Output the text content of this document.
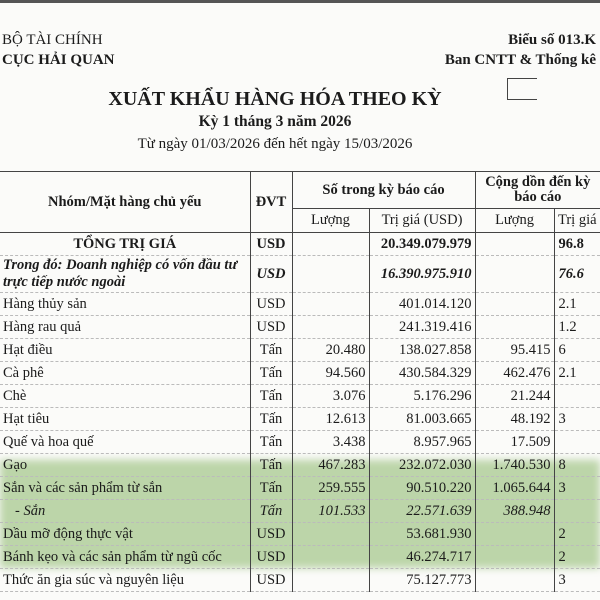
BỘ TÀI CHÍNH
CỤC HẢI QUAN
Biểu số 013.K
Ban CNTT & Thống kê
XUẤT KHẨU HÀNG HÓA THEO KỲ
Kỳ 1 tháng 3 năm 2026
Từ ngày 01/03/2026 đến hết ngày 15/03/2026
Nhóm/Mặt hàng chủ yếu	ĐVT	Số trong kỳ báo cáo		Cộng dồn đến kỳ báo cáo	
		Lượng	Trị giá (USD)	Lượng	Trị giá
TỔNG TRỊ GIÁ	USD		20.349.079.979		96.8
Trong đó: Doanh nghiệp có vốn đầu tư trực tiếp nước ngoài	USD		16.390.975.910		76.6
Hàng thủy sản	USD		401.014.120		2.1
Hàng rau quả	USD		241.319.416		1.2
Hạt điều	Tấn	20.480	138.027.858	95.415	6
Cà phê	Tấn	94.560	430.584.329	462.476	2.1
Chè	Tấn	3.076	5.176.296	21.244	
Hạt tiêu	Tấn	12.613	81.003.665	48.192	3
Quế và hoa quế	Tấn	3.438	8.957.965	17.509	
Gạo	Tấn	467.283	232.072.030	1.740.530	8
Sắn và các sản phẩm từ sắn	Tấn	259.555	90.510.220	1.065.644	3
- Sắn	Tấn	101.533	22.571.639	388.948	
Dầu mỡ động thực vật	USD		53.681.930		2
Bánh kẹo và các sản phẩm từ ngũ cốc	USD		46.274.717		2
Thức ăn gia súc và nguyên liệu	USD		75.127.773		3
